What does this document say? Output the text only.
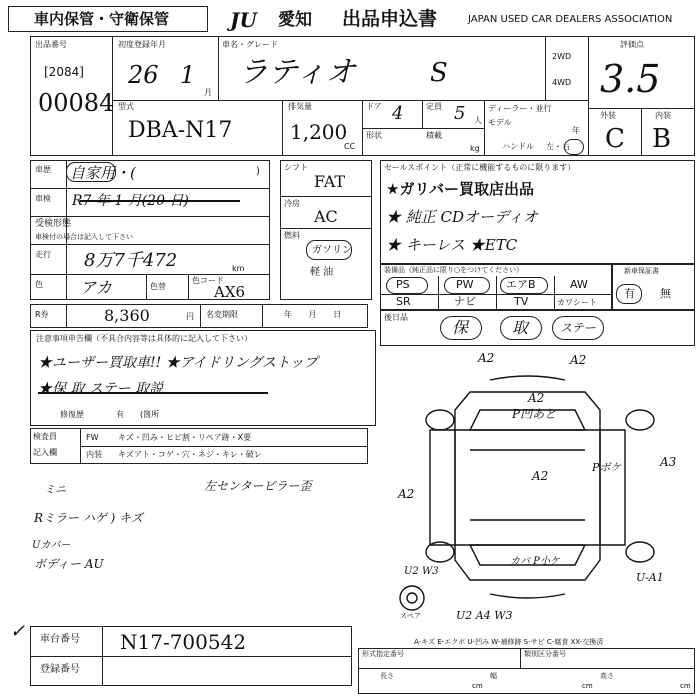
車内保管・守衛保管	JU	愛知 出品申込書	JAPAN USED CAR DEALERS ASSOCIATION
出品番号
[2084]
00084
初度登録年月
26 1
月
車名・グレード
ラティオ	S
2WD
4WD
評価点
3.5
外装	内装
C B
型式
DBA-N17
排気量
1,200
CC
ドア 4	定員 5 人
形状	積載
kg
ディーラー・並行
モデル
年
ハンドル 左・右
車歴 自家用・(	)
車検 R7 年 1 月(20 日)
受検形態
車検付の場合は記入して下さい
走行 8万7千472	km
色 アカ	色替
色コード
AX6
シフト
FAT
冷房
AC
燃料
ガソリン
軽 油
セールスポイント（正常に機能するものに限ります）
★ガリバー買取店出品
★ 純正 CDオーディオ
★ キーレス ★ETC
装備品（純正品に限り○をつけてください）
PS	PW	エアB	AW
SR	ナビ	TV	カワシート
新車保証書
有 無
R券	8,360	円 名変期限	年 月 日
注意事項申告欄（不具合内容等は具体的に記入して下さい）
★ユーザー買取車!! ★アイドリングストップ
★保 取 ステー 取説
修復歴	有 (箇所
後日品
保	取	ステー
検査員
記入欄
FW キズ・凹み・ヒビ割・リペア跡・X要
内装 キズアト・コゲ・穴・ネジ・キレ・破レ
ミニ	左センターピラー歪
Rミラー ハゲ ) キズ
Uカバー
ボディー AU
A2	A2
A2
P凹あと
A2
Pボケ	A3
A2
カバ P小ケ
U2 W3	U-A1
U2 A4 W3
スペア
A-キズ E-エクボ U-凹み W-補修跡 S-サビ C-腐食 XX-交換済
車台番号 N17-700542
登録番号
✓
形式指定番号	類別区分番号
長さ
cm
幅
cm
高さ
cm
